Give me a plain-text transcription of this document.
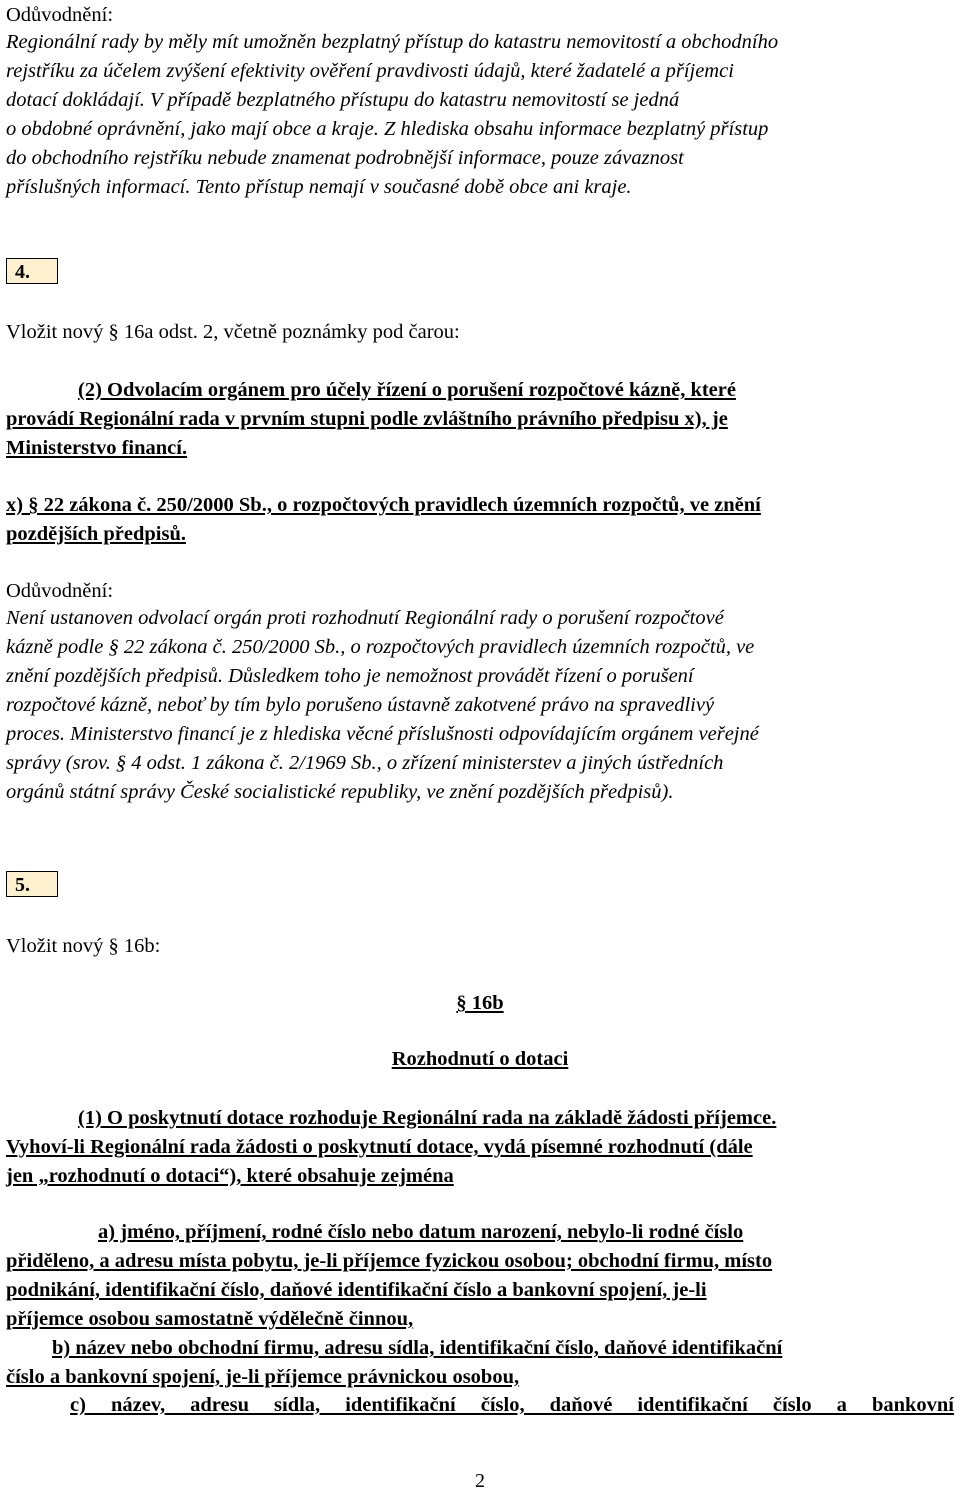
Odůvodnění:

Regionální rady by měly mít umožněn bezplatný přístup do katastru nemovitostí a obchodního

rejstříku za účelem zvýšení efektivity ověření pravdivosti údajů, které žadatelé a příjemci

dotací dokládají. V případě bezplatného přístupu do katastru nemovitostí se jedná

o obdobné oprávnění, jako mají obce a kraje. Z hlediska obsahu informace bezplatný přístup

do obchodního rejstříku nebude znamenat podrobnější informace, pouze závaznost

příslušných informací. Tento přístup nemají v současné době obce ani kraje.

4.

Vložit nový § 16a odst. 2, včetně poznámky pod čarou:

(2) Odvolacím orgánem pro účely řízení o porušení rozpočtové kázně, které

provádí Regionální rada v prvním stupni podle zvláštního právního předpisu x), je

Ministerstvo financí.

x) § 22 zákona č. 250/2000 Sb., o rozpočtových pravidlech územních rozpočtů, ve znění

pozdějších předpisů.

Odůvodnění:

Není ustanoven odvolací orgán proti rozhodnutí Regionální rady o porušení rozpočtové

kázně podle § 22 zákona č. 250/2000 Sb., o rozpočtových pravidlech územních rozpočtů, ve

znění pozdějších předpisů. Důsledkem toho je nemožnost provádět řízení o porušení

rozpočtové kázně, neboť by tím bylo porušeno ústavně zakotvené právo na spravedlivý

proces. Ministerstvo financí je z hlediska věcné příslušnosti odpovídajícím orgánem veřejné

správy (srov. § 4 odst. 1 zákona č. 2/1969 Sb., o zřízení ministerstev a jiných ústředních

orgánů státní správy České socialistické republiky, ve znění pozdějších předpisů).

5.

Vložit nový § 16b:

§ 16b

Rozhodnutí o dotaci

(1) O poskytnutí dotace rozhoduje Regionální rada na základě žádosti příjemce.

Vyhoví-li Regionální rada žádosti o poskytnutí dotace, vydá písemné rozhodnutí (dále

jen „rozhodnutí o dotaci“), které obsahuje zejména

a) jméno, příjmení, rodné číslo nebo datum narození, nebylo-li rodné číslo

přiděleno, a adresu místa pobytu, je-li příjemce fyzickou osobou; obchodní firmu, místo

podnikání, identifikační číslo, daňové identifikační číslo a bankovní spojení, je-li

příjemce osobou samostatně výdělečně činnou,

b) název nebo obchodní firmu, adresu sídla, identifikační číslo, daňové identifikační

číslo a bankovní spojení, je-li příjemce právnickou osobou,

c) název, adresu sídla, identifikační číslo, daňové identifikační číslo a bankovní

2
